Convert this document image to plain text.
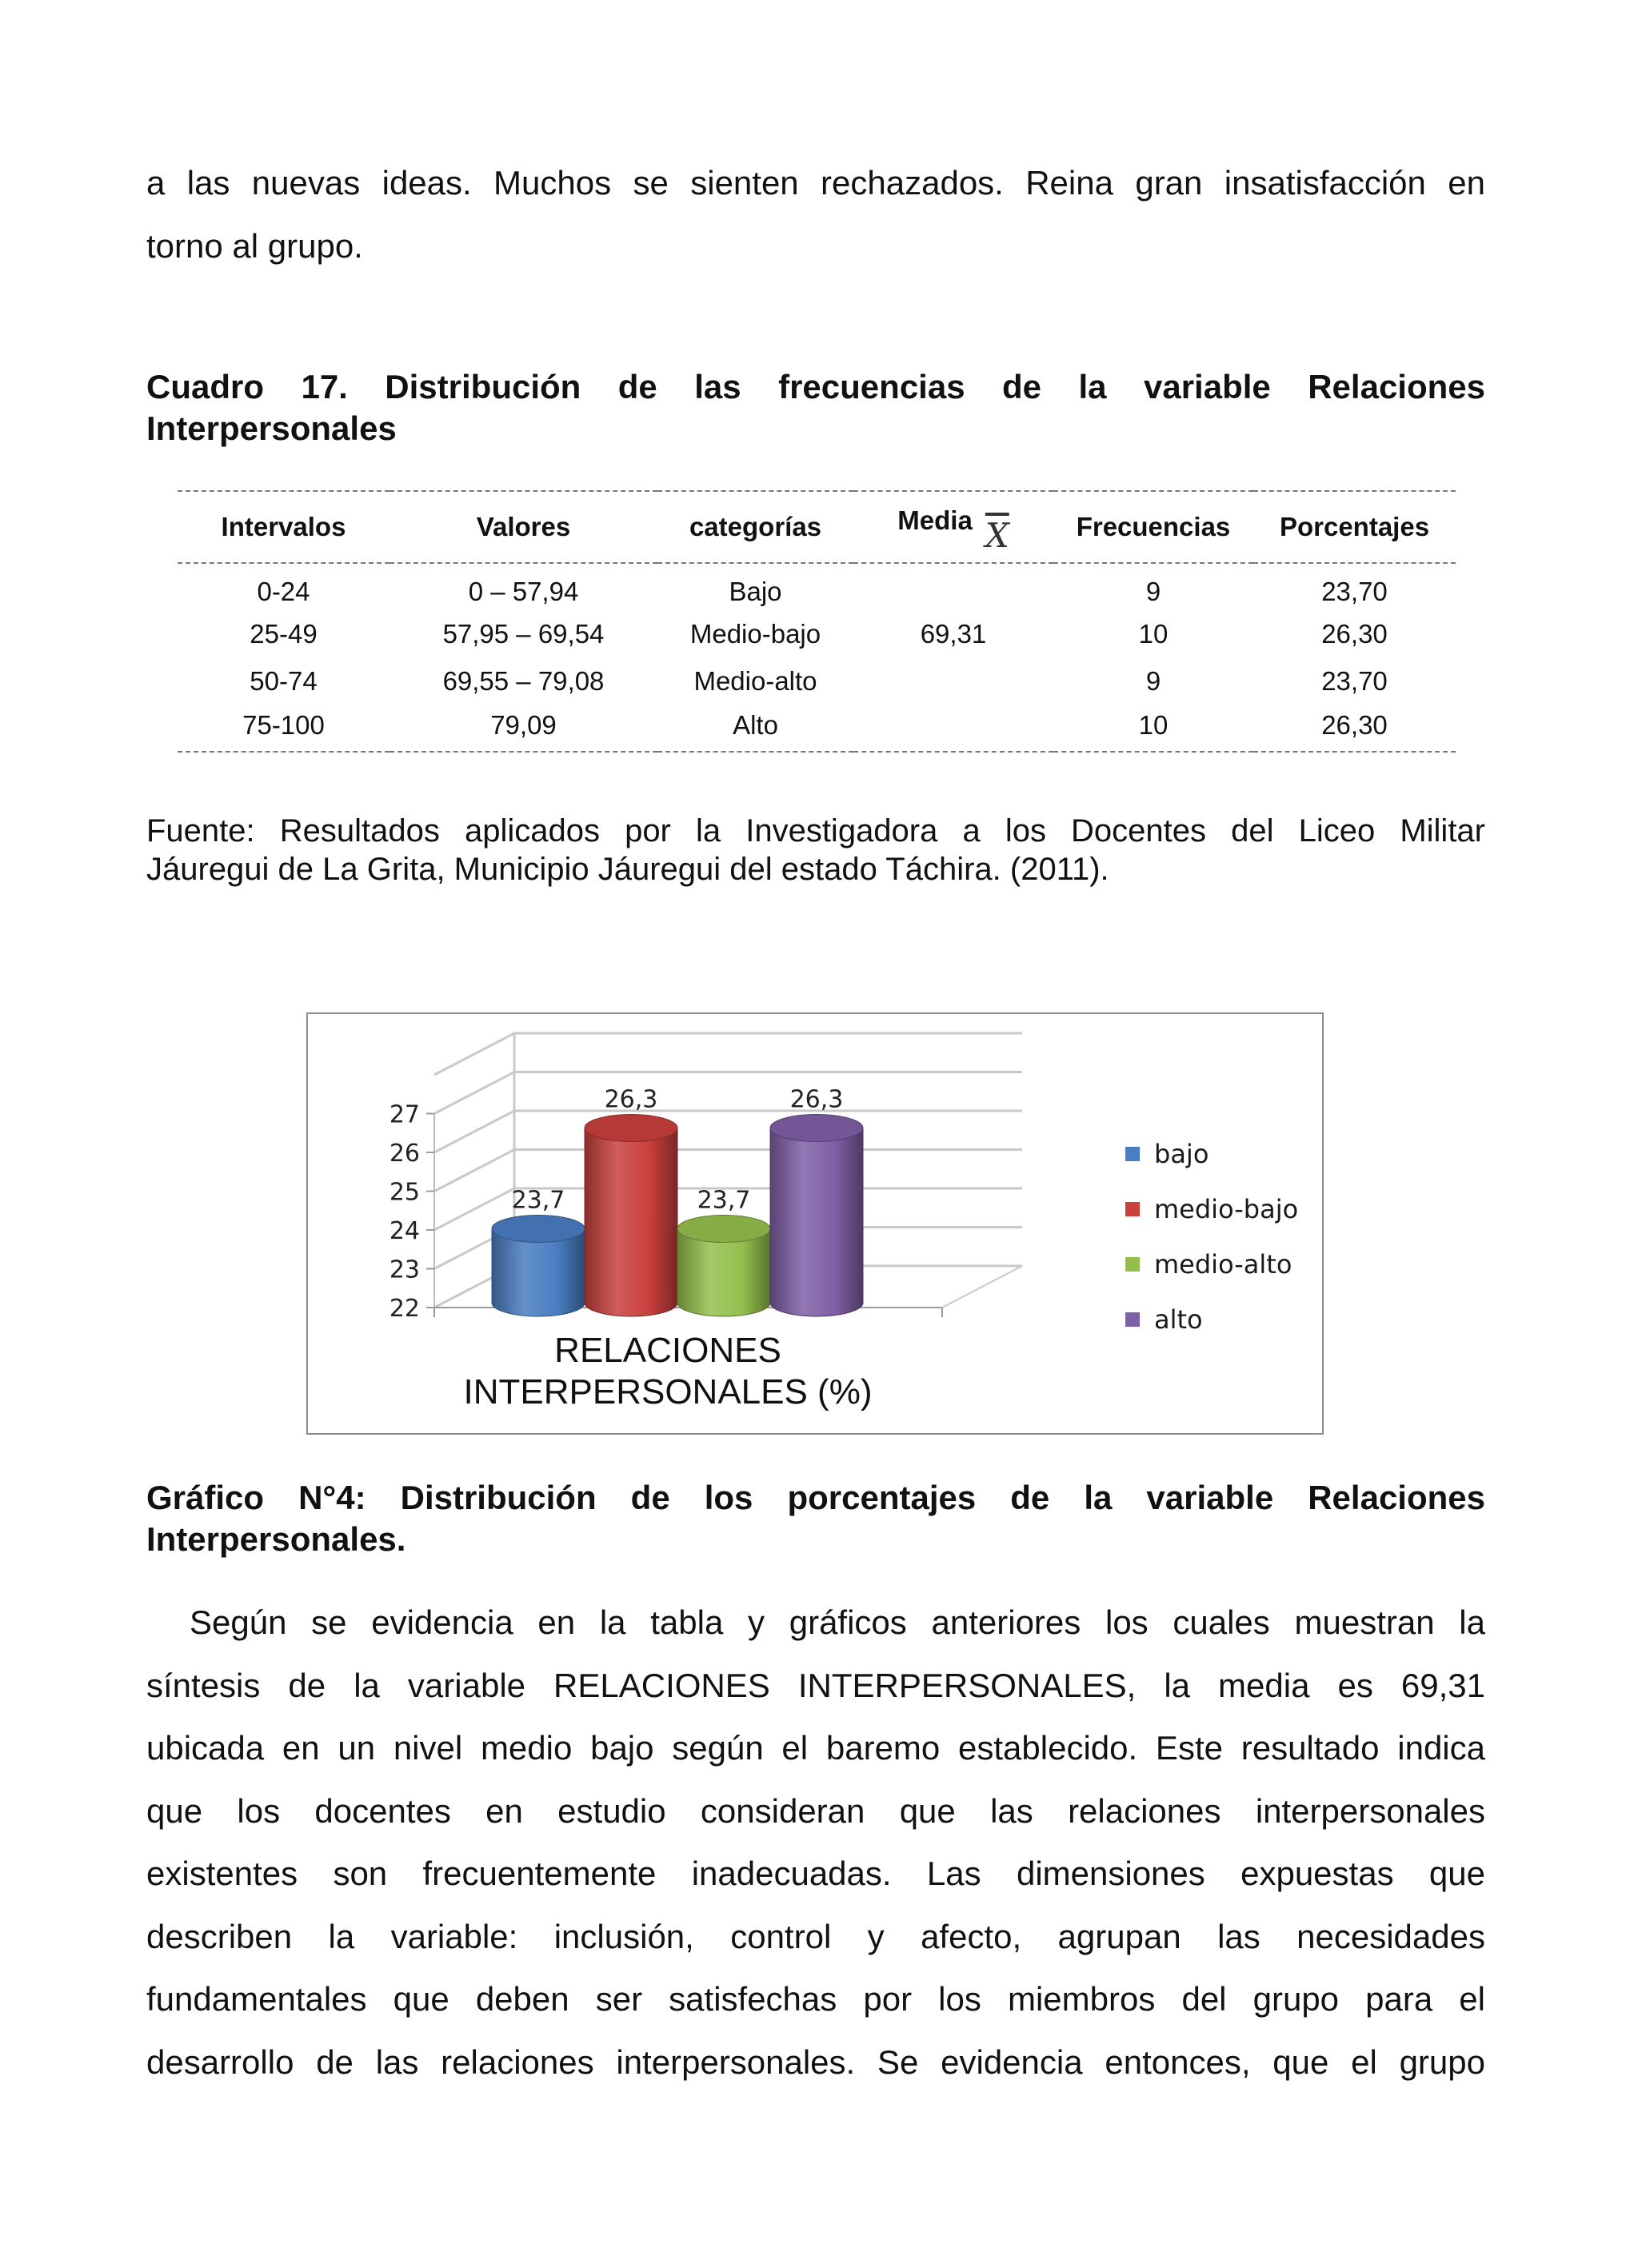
a las nuevas ideas. Muchos se sienten rechazados. Reina gran insatisfacción en
torno al grupo.

Cuadro 17. Distribución de las frecuencias de la variable Relaciones
Interpersonales

Intervalos	Valores	categorías	Media $\overline{X}$	Frecuencias	Porcentajes
0-24	0 – 57,94	Bajo		9	23,70
25-49	57,95 – 69,54	Medio-bajo	69,31	10	26,30
50-74	69,55 – 79,08	Medio-alto		9	23,70
75-100	79,09	Alto		10	26,30

Fuente: Resultados aplicados por la Investigadora a los Docentes del Liceo Militar
Jáuregui de La Grita, Municipio Jáuregui del estado Táchira. (2011).

22
23
24
25
26
27
23,7
26,3
23,7
26,3
bajo
medio-bajo
medio-alto
alto
RELACIONES
INTERPERSONALES (%)

Gráfico N°4: Distribución de los porcentajes de la variable Relaciones
Interpersonales.

Según se evidencia en la tabla y gráficos anteriores los cuales muestran la
síntesis de la variable RELACIONES INTERPERSONALES, la media es 69,31
ubicada en un nivel medio bajo según el baremo establecido. Este resultado indica
que los docentes en estudio consideran que las relaciones interpersonales
existentes son frecuentemente inadecuadas. Las dimensiones expuestas que
describen la variable: inclusión, control y afecto, agrupan las necesidades
fundamentales que deben ser satisfechas por los miembros del grupo para el
desarrollo de las relaciones interpersonales. Se evidencia entonces, que el grupo
